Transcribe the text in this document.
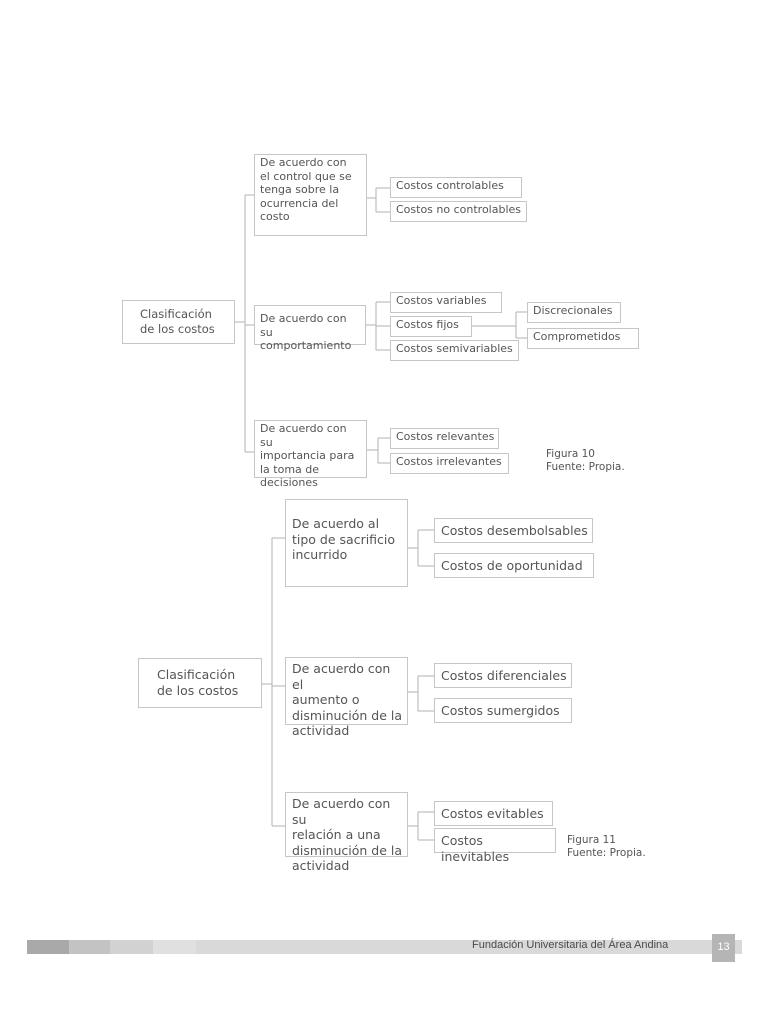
Clasificación
de los costos
De acuerdo con
el control que se
tenga sobre la
ocurrencia del
costo
De acuerdo con su
comportamiento
De acuerdo con su
importancia para
la toma de
decisiones
Costos controlables
Costos no controlables
Costos variables
Costos fijos
Costos semivariables
Discrecionales
Comprometidos
Costos relevantes
Costos irrelevantes
Figura 10
Fuente: Propia.
Clasificación
de los costos
De acuerdo al
tipo de sacrificio
incurrido
De acuerdo con el
aumento o
disminución de la
actividad
De acuerdo con su
relación a una
disminución de la
actividad
Costos desembolsables
Costos de oportunidad
Costos diferenciales
Costos sumergidos
Costos evitables
Costos inevitables
Figura 11
Fuente: Propia.
Fundación Universitaria del Área Andina	13
